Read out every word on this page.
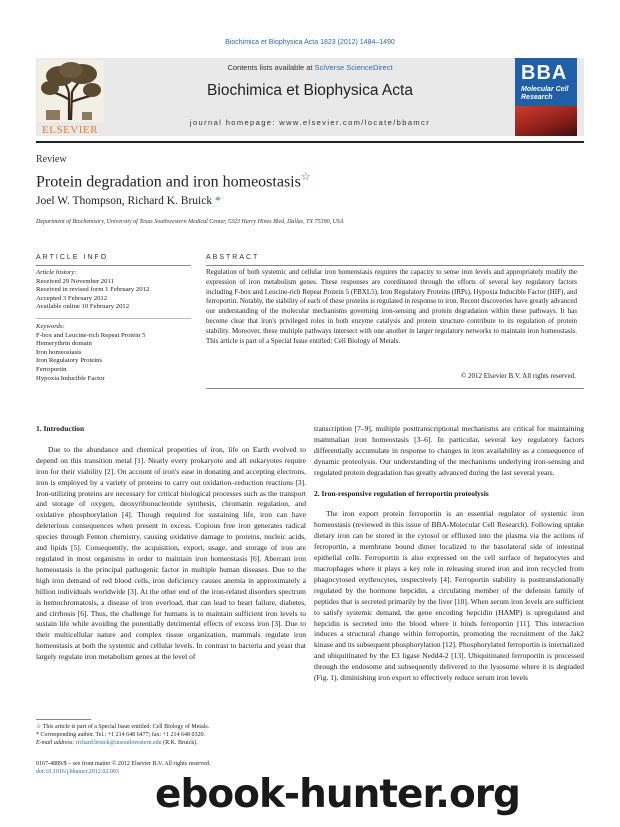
Biochimica et Biophysica Acta 1823 (2012) 1484–1490
ELSEVIER
Contents lists available at SciVerse ScienceDirect
Biochimica et Biophysica Acta
journal homepage: www.elsevier.com/locate/bbamcr
BBA
Molecular Cell Research
Review
Protein degradation and iron homeostasis☆
Joel W. Thompson, Richard K. Bruick *
Department of Biochemistry, University of Texas Southwestern Medical Center, 5323 Harry Hines Blvd, Dallas, TX 75390, USA
ARTICLE INFO	ABSTRACT
Article history:
Received 29 November 2011
Received in revised form 1 February 2012
Accepted 3 February 2012
Available online 10 February 2012
Keywords:
F-box and Leucine-rich Repeat Protein 5
Hemerythrin domain
Iron homeostasis
Iron Regulatory Proteins
Ferroportin
Hypoxia Inducible Factor
Regulation of both systemic and cellular iron homeostasis requires the capacity to sense iron levels and appropriately modify the expression of iron metabolism genes. These responses are coordinated through the efforts of several key regulatory factors including F-box and Leucine-rich Repeat Protein 5 (FBXL5), Iron Regulatory Proteins (IRPs), Hypoxia Inducible Factor (HIF), and ferroportin. Notably, the stability of each of these proteins is regulated in response to iron. Recent discoveries have greatly advanced our understanding of the molecular mechanisms governing iron-sensing and protein degradation within these pathways. It has become clear that iron's privileged roles in both enzyme catalysis and protein structure contribute to its regulation of protein stability. Moreover, these multiple pathways intersect with one another in larger regulatory networks to maintain iron homeostasis. This article is part of a Special Issue entitled: Cell Biology of Metals.
© 2012 Elsevier B.V. All rights reserved.
1. Introduction

Due to the abundance and chemical properties of iron, life on Earth evolved to depend on this transition metal [1]. Nearly every prokaryote and all eukaryotes require iron for their viability [2]. On account of iron's ease in donating and accepting electrons, iron is employed by a variety of proteins to carry out oxidation–reduction reactions [3]. Iron-utilizing proteins are necessary for critical biological processes such as the transport and storage of oxygen, deoxyribonucleotide synthesis, chromatin regulation, and oxidative phosphorylation [4]. Though required for sustaining life, iron can have deleterious consequences when present in excess. Copious free iron generates radical species through Fenton chemistry, causing oxidative damage to proteins, nucleic acids, and lipids [5]. Consequently, the acquisition, export, usage, and storage of iron are regulated in most organisms in order to maintain iron homeostasis [6]. Aberrant iron homeostasis is the principal pathogenic factor in multiple human diseases. Due to the high iron demand of red blood cells, iron deficiency causes anemia in approximately a billion individuals worldwide [3]. At the other end of the iron-related disorders spectrum is hemochromatosis, a disease of iron overload, that can lead to heart failure, diabetes, and cirrhosis [6]. Thus, the challenge for humans is to maintain sufficient iron levels to sustain life while avoiding the potentially detrimental effects of excess iron [3]. Due to their multicellular nature and complex tissue organization, mammals regulate iron homeostasis at both the systemic and cellular levels. In contrast to bacteria and yeast that largely regulate iron metabolism genes at the level of

transcription [7–9], multiple posttranscriptional mechanisms are critical for maintaining mammalian iron homeostasis [3–6]. In particular, several key regulatory factors differentially accumulate in response to changes in iron availability as a consequence of dynamic proteolysis. Our understanding of the mechanisms underlying iron-sensing and regulated protein degradation has greatly advanced during the last several years.

2. Iron-responsive regulation of ferroportin proteolysis

The iron export protein ferroportin is an essential regulator of systemic iron homeostasis (reviewed in this issue of BBA-Molecular Cell Research). Following uptake dietary iron can be stored in the cytosol or effluxed into the plasma via the actions of ferroportin, a membrane bound dimer localized to the basolateral side of intestinal epithelial cells. Ferroportin is also expressed on the cell surface of hepatocytes and macrophages where it plays a key role in releasing stored iron and iron recycled from phagocytosed erythrocytes, respectively [4]. Ferroportin stability is posttranslationally regulated by the hormone hepcidin, a circulating member of the defensin family of peptides that is secreted primarily by the liver [10]. When serum iron levels are sufficient to satisfy systemic demand, the gene encoding hepcidin (HAMP) is upregulated and hepcidin is secreted into the blood where it binds ferroportin [11]. This interaction induces a structural change within ferroportin, promoting the recruitment of the Jak2 kinase and its subsequent phosphorylation [12]. Phosphorylated ferroportin is internalized and ubiquitinated by the E3 ligase Nedd4-2 [13]. Ubiquitinated ferroportin is processed through the endosome and subsequently delivered to the lysosome where it is degraded (Fig. 1), diminishing iron export to effectively reduce serum iron levels

☆ This article is part of a Special Issue entitled: Cell Biology of Metals.
* Corresponding author. Tel.: +1 214 648 6477; fax: +1 214 648 0320.
E-mail address: richard.bruick@utsouthwestern.edu (R.K. Bruick).
0167-4889/$ – see front matter © 2012 Elsevier B.V. All rights reserved.
doi:10.1016/j.bbamcr.2012.02.003 ebook-hunter.org
